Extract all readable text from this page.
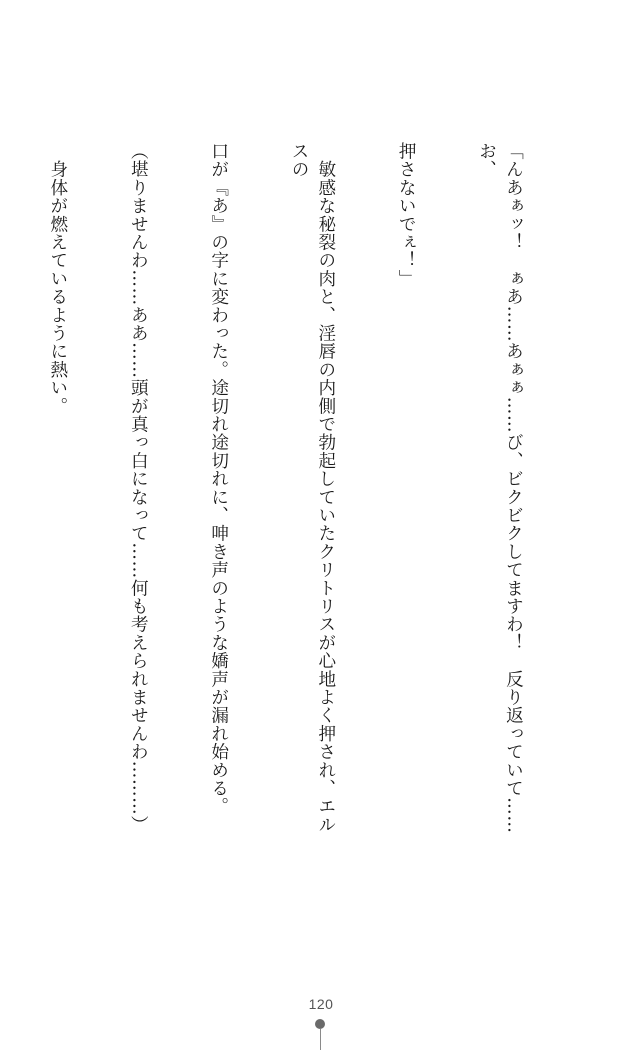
「んあぁッ！　ぁあ……あぁぁ……び、ビクビクしてますわ！　反り返っていて……お、

押さないでぇ！」

　敏感な秘裂の肉と、淫唇の内側で勃起していたクリトリスが心地よく押され、エルスの

口が『あ』の字に変わった。途切れ途切れに、呻き声のような嬌声が漏れ始める。

（堪りませんわ……ああ……頭が真っ白になって……何も考えられませんわ………）

　身体が燃えているように熱い。

120
